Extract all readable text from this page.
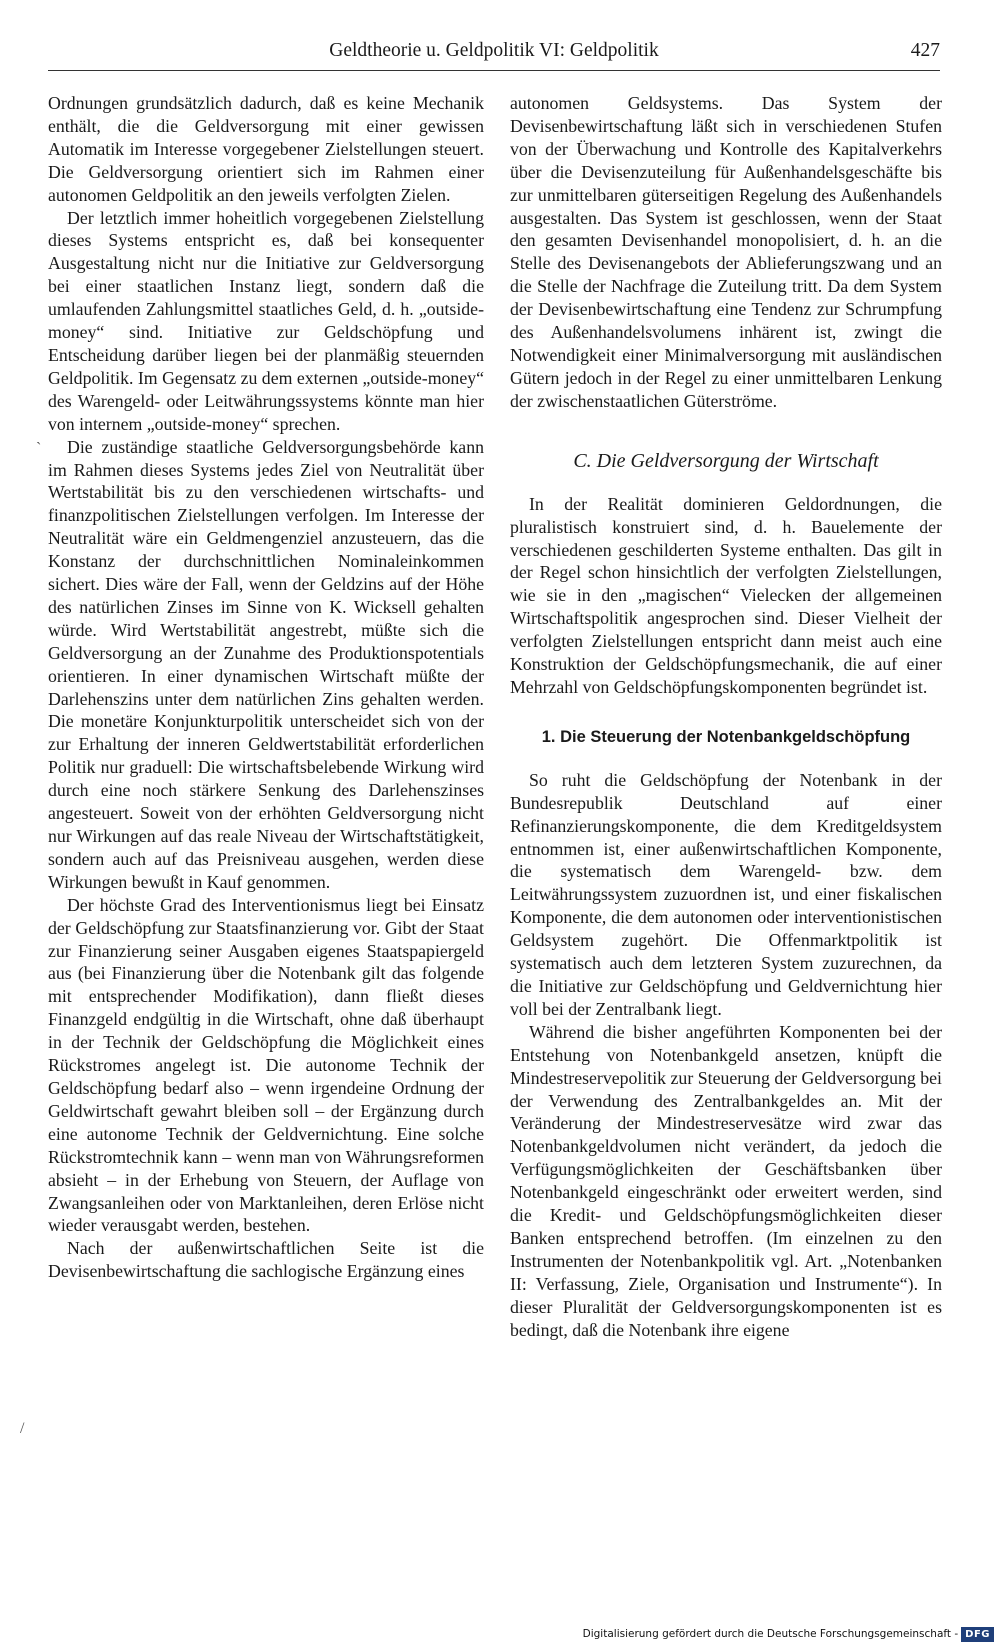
Geldtheorie u. Geldpolitik VI: Geldpolitik	427

Ordnungen grundsätzlich dadurch, daß es keine Mechanik enthält, die die Geldversorgung mit einer gewissen Automatik im Interesse vorgegebener Zielstellungen steuert. Die Geldversorgung orientiert sich im Rahmen einer autonomen Geldpolitik an den jeweils verfolgten Zielen.

Der letztlich immer hoheitlich vorgegebenen Zielstellung dieses Systems entspricht es, daß bei konsequenter Ausgestaltung nicht nur die Initiative zur Geldversorgung bei einer staatlichen Instanz liegt, sondern daß die umlaufenden Zahlungsmittel staatliches Geld, d. h. „outside-money“ sind. Initiative zur Geldschöpfung und Entscheidung darüber liegen bei der planmäßig steuernden Geldpolitik. Im Gegensatz zu dem externen „outside-money“ des Warengeld- oder Leitwährungssystems könnte man hier von internem „outside-money“ sprechen.

Die zuständige staatliche Geldversorgungsbehörde kann im Rahmen dieses Systems jedes Ziel von Neutralität über Wertstabilität bis zu den verschiedenen wirtschafts- und finanzpolitischen Zielstellungen verfolgen. Im Interesse der Neutralität wäre ein Geldmengenziel anzusteuern, das die Konstanz der durchschnittlichen Nominaleinkommen sichert. Dies wäre der Fall, wenn der Geldzins auf der Höhe des natürlichen Zinses im Sinne von K. Wicksell gehalten würde. Wird Wertstabilität angestrebt, müßte sich die Geldversorgung an der Zunahme des Produktionspotentials orientieren. In einer dynamischen Wirtschaft müßte der Darlehenszins unter dem natürlichen Zins gehalten werden. Die monetäre Konjunkturpolitik unterscheidet sich von der zur Erhaltung der inneren Geldwertstabilität erforderlichen Politik nur graduell: Die wirtschaftsbelebende Wirkung wird durch eine noch stärkere Senkung des Darlehenszinses angesteuert. Soweit von der erhöhten Geldversorgung nicht nur Wirkungen auf das reale Niveau der Wirtschaftstätigkeit, sondern auch auf das Preisniveau ausgehen, werden diese Wirkungen bewußt in Kauf genommen.

Der höchste Grad des Interventionismus liegt bei Einsatz der Geldschöpfung zur Staatsfinanzierung vor. Gibt der Staat zur Finanzierung seiner Ausgaben eigenes Staatspapiergeld aus (bei Finanzierung über die Notenbank gilt das folgende mit entsprechender Modifikation), dann fließt dieses Finanzgeld endgültig in die Wirtschaft, ohne daß überhaupt in der Technik der Geldschöpfung die Möglichkeit eines Rückstromes angelegt ist. Die autonome Technik der Geldschöpfung bedarf also – wenn irgendeine Ordnung der Geldwirtschaft gewahrt bleiben soll – der Ergänzung durch eine autonome Technik der Geldvernichtung. Eine solche Rückstromtechnik kann – wenn man von Währungsreformen absieht – in der Erhebung von Steuern, der Auflage von Zwangsanleihen oder von Marktanleihen, deren Erlöse nicht wieder verausgabt werden, bestehen.

Nach der außenwirtschaftlichen Seite ist die Devisenbewirtschaftung die sachlogische Ergänzung eines

autonomen Geldsystems. Das System der Devisenbewirtschaftung läßt sich in verschiedenen Stufen von der Überwachung und Kontrolle des Kapitalverkehrs über die Devisenzuteilung für Außenhandelsgeschäfte bis zur unmittelbaren güterseitigen Regelung des Außenhandels ausgestalten. Das System ist geschlossen, wenn der Staat den gesamten Devisenhandel monopolisiert, d. h. an die Stelle des Devisenangebots der Ablieferungszwang und an die Stelle der Nachfrage die Zuteilung tritt. Da dem System der Devisenbewirtschaftung eine Tendenz zur Schrumpfung des Außenhandelsvolumens inhärent ist, zwingt die Notwendigkeit einer Minimalversorgung mit ausländischen Gütern jedoch in der Regel zu einer unmittelbaren Lenkung der zwischenstaatlichen Güterströme.

C. Die Geldversorgung der Wirtschaft

In der Realität dominieren Geldordnungen, die pluralistisch konstruiert sind, d. h. Bauelemente der verschiedenen geschilderten Systeme enthalten. Das gilt in der Regel schon hinsichtlich der verfolgten Zielstellungen, wie sie in den „magischen“ Vielecken der allgemeinen Wirtschaftspolitik angesprochen sind. Dieser Vielheit der verfolgten Zielstellungen entspricht dann meist auch eine Konstruktion der Geldschöpfungsmechanik, die auf einer Mehrzahl von Geldschöpfungskomponenten begründet ist.

1. Die Steuerung der Notenbankgeldschöpfung

So ruht die Geldschöpfung der Notenbank in der Bundesrepublik Deutschland auf einer Refinanzierungskomponente, die dem Kreditgeldsystem entnommen ist, einer außenwirtschaftlichen Komponente, die systematisch dem Warengeld- bzw. dem Leitwährungssystem zuzuordnen ist, und einer fiskalischen Komponente, die dem autonomen oder interventionistischen Geldsystem zugehört. Die Offenmarktpolitik ist systematisch auch dem letzteren System zuzurechnen, da die Initiative zur Geldschöpfung und Geldvernichtung hier voll bei der Zentralbank liegt.

Während die bisher angeführten Komponenten bei der Entstehung von Notenbankgeld ansetzen, knüpft die Mindestreservepolitik zur Steuerung der Geldversorgung bei der Verwendung des Zentralbankgeldes an. Mit der Veränderung der Mindestreservesätze wird zwar das Notenbankgeldvolumen nicht verändert, da jedoch die Verfügungsmöglichkeiten der Geschäftsbanken über Notenbankgeld eingeschränkt oder erweitert werden, sind die Kredit- und Geldschöpfungsmöglichkeiten dieser Banken entsprechend betroffen. (Im einzelnen zu den Instrumenten der Notenbankpolitik vgl. Art. „Notenbanken II: Verfassung, Ziele, Organisation und Instrumente“). In dieser Pluralität der Geldversorgungskomponenten ist es bedingt, daß die Notenbank ihre eigene

`
/
Digitalisierung gefördert durch die Deutsche Forschungsgemeinschaft - DFG
